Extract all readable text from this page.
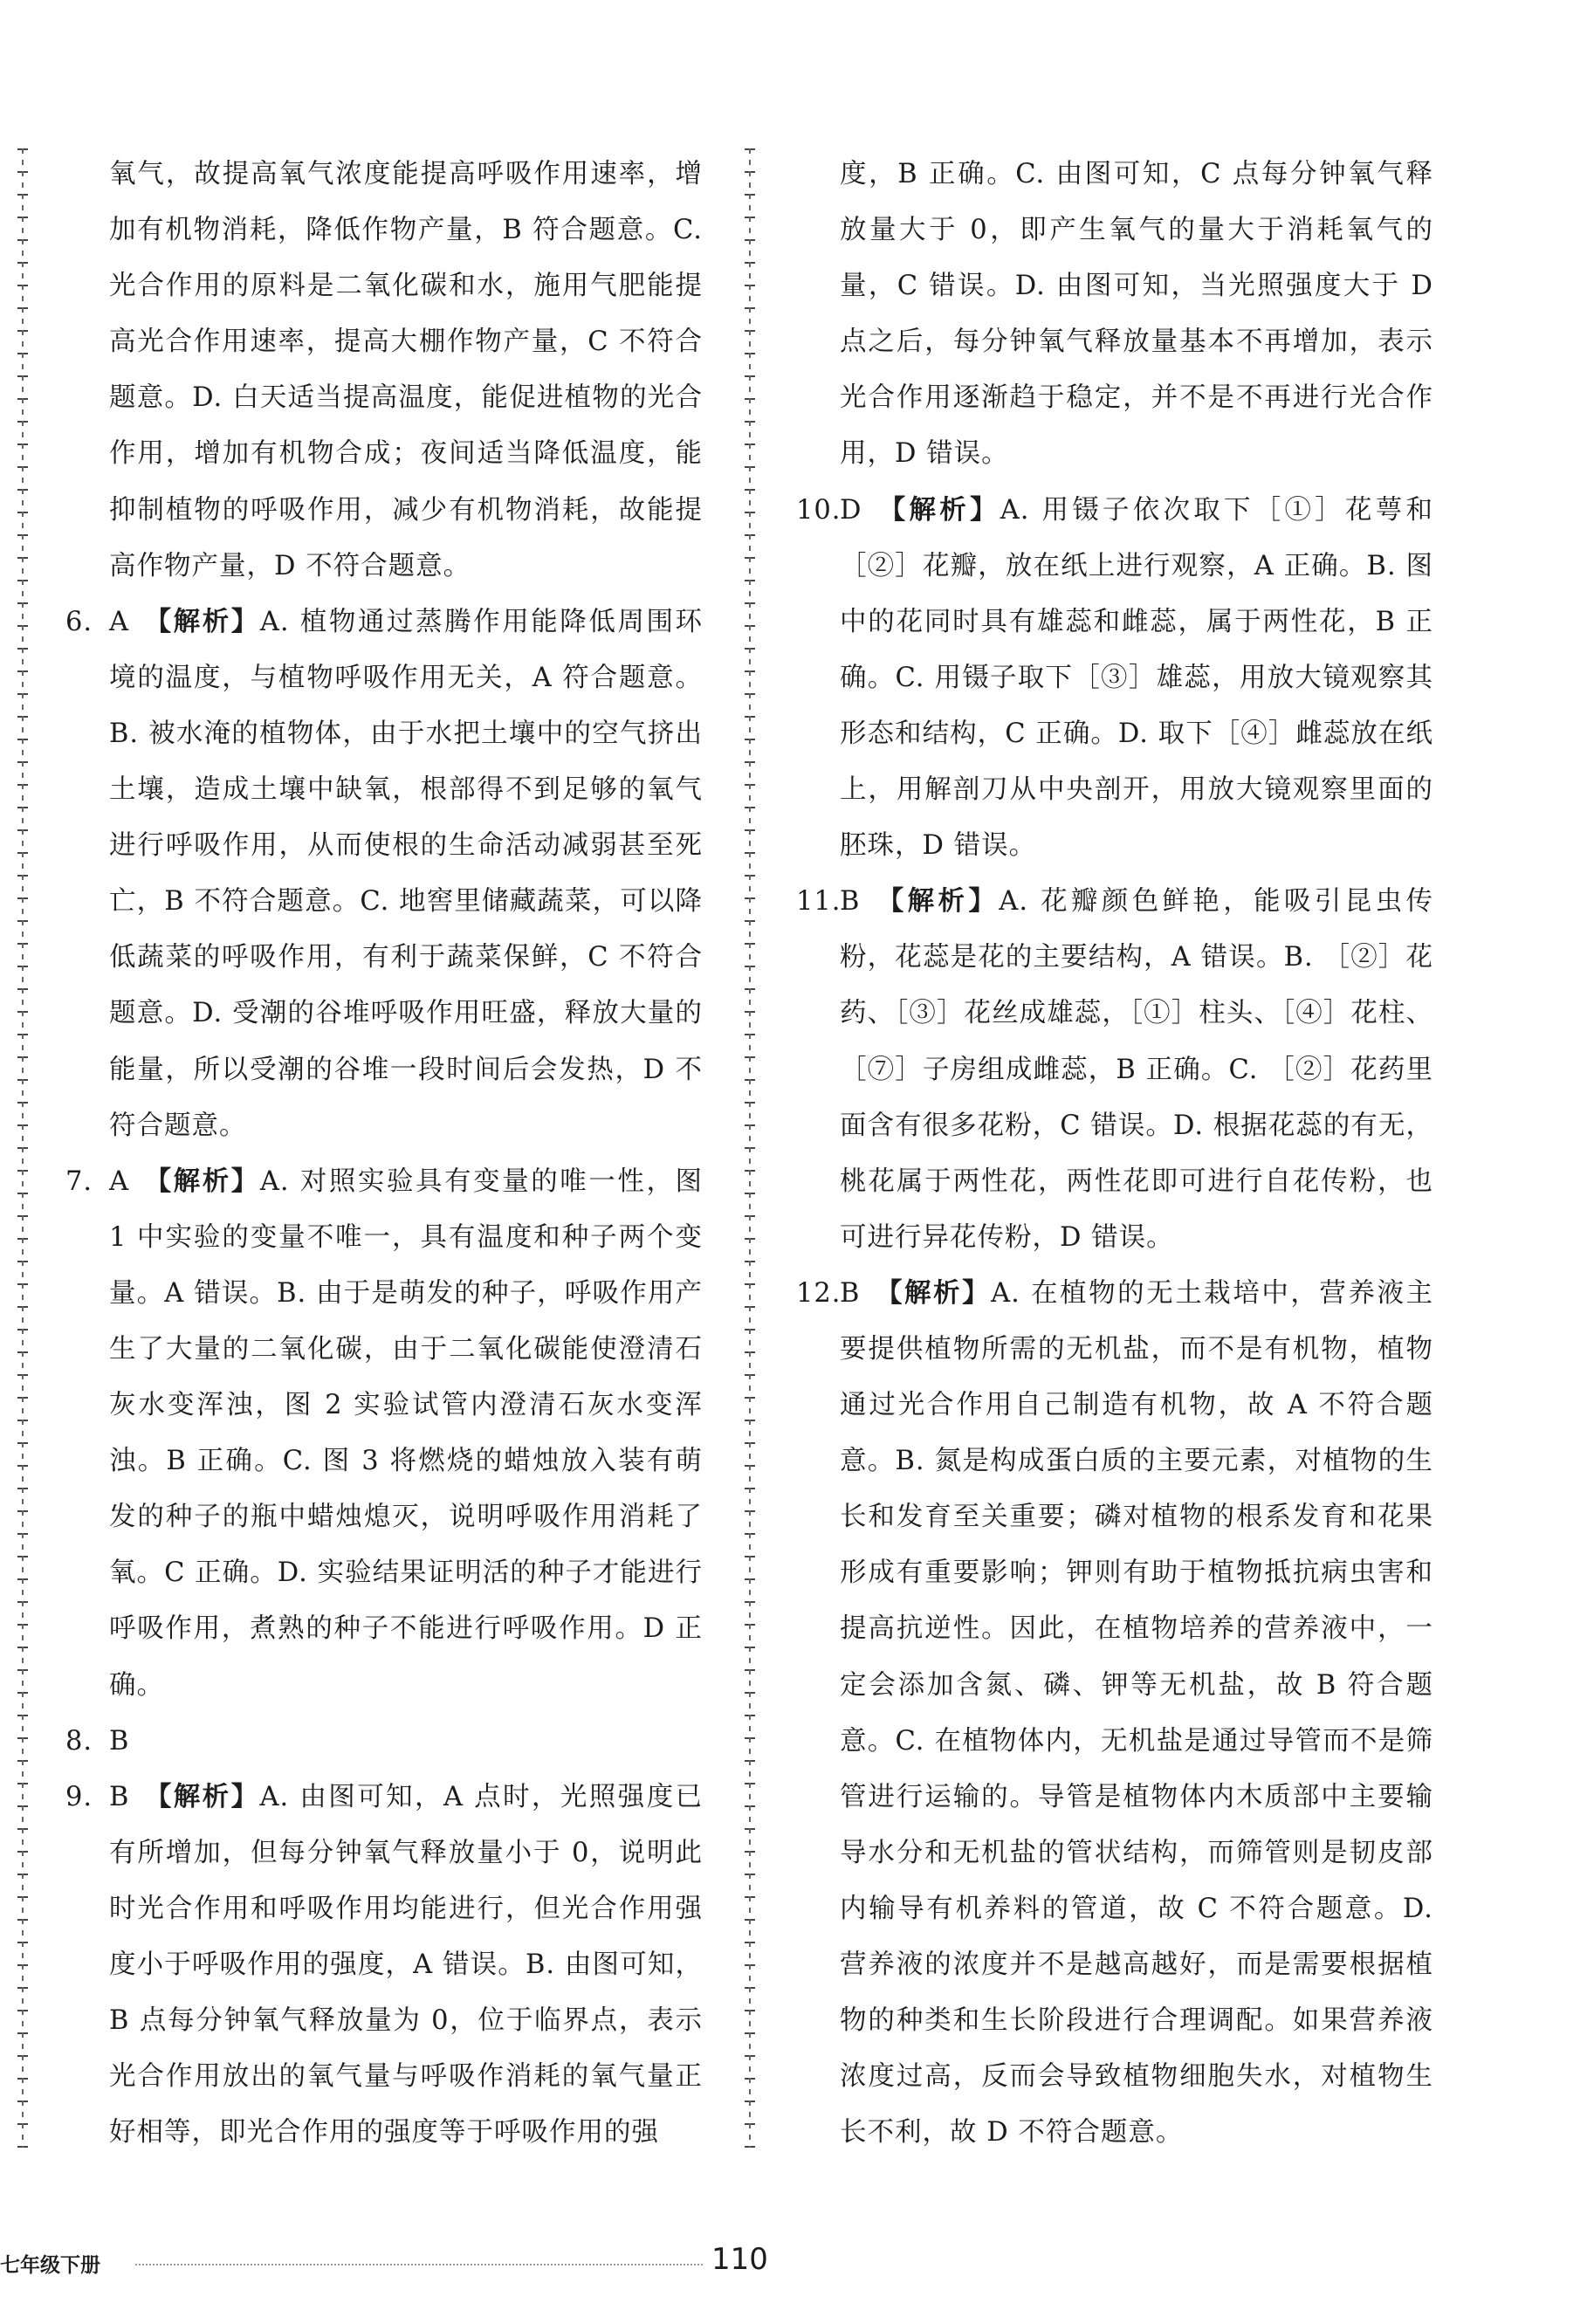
氧气，故提高氧气浓度能提高呼吸作用速率，增加有机物消耗，降低作物产量，B 符合题意。C. 光合作用的原料是二氧化碳和水，施用气肥能提高光合作用速率，提高大棚作物产量，C 不符合题意。D. 白天适当提高温度，能促进植物的光合作用，增加有机物合成；夜间适当降低温度，能抑制植物的呼吸作用，减少有机物消耗，故能提高作物产量，D 不符合题意。

6. A 【 解析 】 A. 植物通过蒸腾作用能降低周围环境的温度，与植物呼吸作用无关，A 符合题意。B. 被水淹的植物体，由于水把土壤中的空气挤出土壤，造成土壤中缺氧，根部得不到足够的氧气进行呼吸作用，从而使根的生命活动减弱甚至死亡，B 不符合题意。C. 地窖里储藏蔬菜，可以降低蔬菜的呼吸作用，有利于蔬菜保鲜，C 不符合题意。D. 受潮的谷堆呼吸作用旺盛，释放大量的能量，所以受潮的谷堆一段时间后会发热，D 不符合题意。
7. A 【 解析 】 A. 对照实验具有变量的唯一性，图 1 中实验的变量不唯一，具有温度和种子两个变量。A 错误。B. 由于是萌发的种子，呼吸作用产生了大量的二氧化碳，由于二氧化碳能使澄清石灰水变浑浊，图 2 实验试管内澄清石灰水变浑浊。B 正确。C. 图 3 将燃烧的蜡烛放入装有萌发的种子的瓶中蜡烛熄灭，说明呼吸作用消耗了氧。C 正确。D. 实验结果证明活的种子才能进行呼吸作用，煮熟的种子不能进行呼吸作用。D 正确。
8. B
9. B 【 解析 】 A. 由图可知，A 点时，光照强度已有所增加，但每分钟氧气释放量小于 0，说明此时光合作用和呼吸作用均能进行，但光合作用强度小于呼吸作用的强度，A 错误。B. 由图可知，B 点每分钟氧气释放量为 0，位于临界点，表示光合作用放出的氧气量与呼吸作消耗的氧气量正好相等，即光合作用的强度等于呼吸作用的强

度，B 正确。C. 由图可知，C 点每分钟氧气释放量大于 0，即产生氧气的量大于消耗氧气的量，C 错误。D. 由图可知，当光照强度大于 D 点之后，每分钟氧气释放量基本不再增加，表示光合作用逐渐趋于稳定，并不是不再进行光合作用，D 错误。

10.
D 【 解析 】 A. 用镊子依次取下［①］花萼和［②］花瓣，放在纸上进行观察，A 正确。B. 图中的花同时具有雄蕊和雌蕊，属于两性花，B 正确。C. 用镊子取下［③］雄蕊，用放大镜观察其形态和结构，C 正确。D. 取下［④］雌蕊放在纸上，用解剖刀从中央剖开，用放大镜观察里面的胚珠，D 错误。
11.
B 【 解析 】 A. 花瓣颜色鲜艳，能吸引昆虫传粉，花蕊是花的主要结构，A 错误。B. ［②］花药、［③］花丝成雄蕊，［①］柱头、［④］花柱、［⑦］子房组成雌蕊，B 正确。C. ［②］花药里面含有很多花粉，C 错误。D. 根据花蕊的有无，桃花属于两性花，两性花即可进行自花传粉，也可进行异花传粉，D 错误。
12.
B 【 解析 】 A. 在植物的无土栽培中，营养液主要提供植物所需的无机盐，而不是有机物，植物通过光合作用自己制造有机物，故 A 不符合题意。B. 氮是构成蛋白质的主要元素，对植物的生长和发育至关重要；磷对植物的根系发育和花果形成有重要影响；钾则有助于植物抵抗病虫害和提高抗逆性。因此，在植物培养的营养液中，一定会添加含氮、磷、钾等无机盐，故 B 符合题意。C. 在植物体内，无机盐是通过导管而不是筛管进行运输的。导管是植物体内木质部中主要输导水分和无机盐的管状结构，而筛管则是韧皮部内输导有机养料的管道，故 C 不符合题意。D. 营养液的浓度并不是越高越好，而是需要根据植物的种类和生长阶段进行合理调配。如果营养液浓度过高，反而会导致植物细胞失水，对植物生长不利，故 D 不符合题意。
七年级下册	110
